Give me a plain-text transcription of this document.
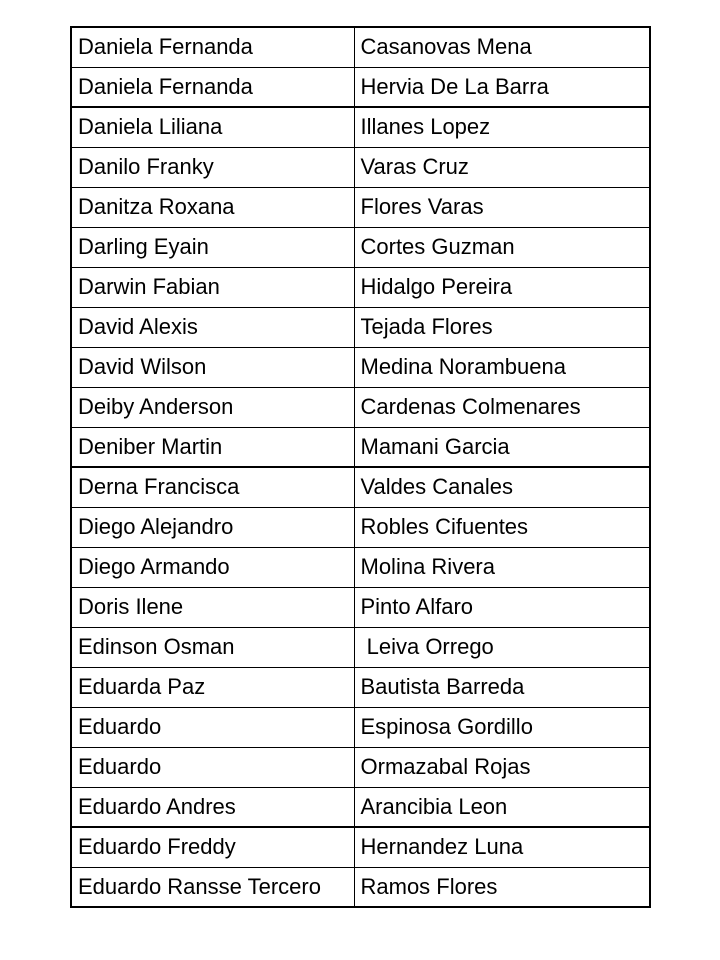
Daniela Fernanda	Casanovas Mena
Daniela Fernanda	Hervia De La Barra
Daniela Liliana	Illanes Lopez
Danilo Franky	Varas Cruz
Danitza Roxana	Flores Varas
Darling Eyain	Cortes Guzman
Darwin Fabian	Hidalgo Pereira
David Alexis	Tejada Flores
David Wilson	Medina Norambuena
Deiby Anderson	Cardenas Colmenares
Deniber Martin	Mamani Garcia
Derna Francisca	Valdes Canales
Diego Alejandro	Robles Cifuentes
Diego Armando	Molina Rivera
Doris Ilene	Pinto Alfaro
Edinson Osman	Leiva Orrego
Eduarda Paz	Bautista Barreda
Eduardo	Espinosa Gordillo
Eduardo	Ormazabal Rojas
Eduardo Andres	Arancibia Leon
Eduardo Freddy	Hernandez Luna
Eduardo Ransse Tercero	Ramos Flores
